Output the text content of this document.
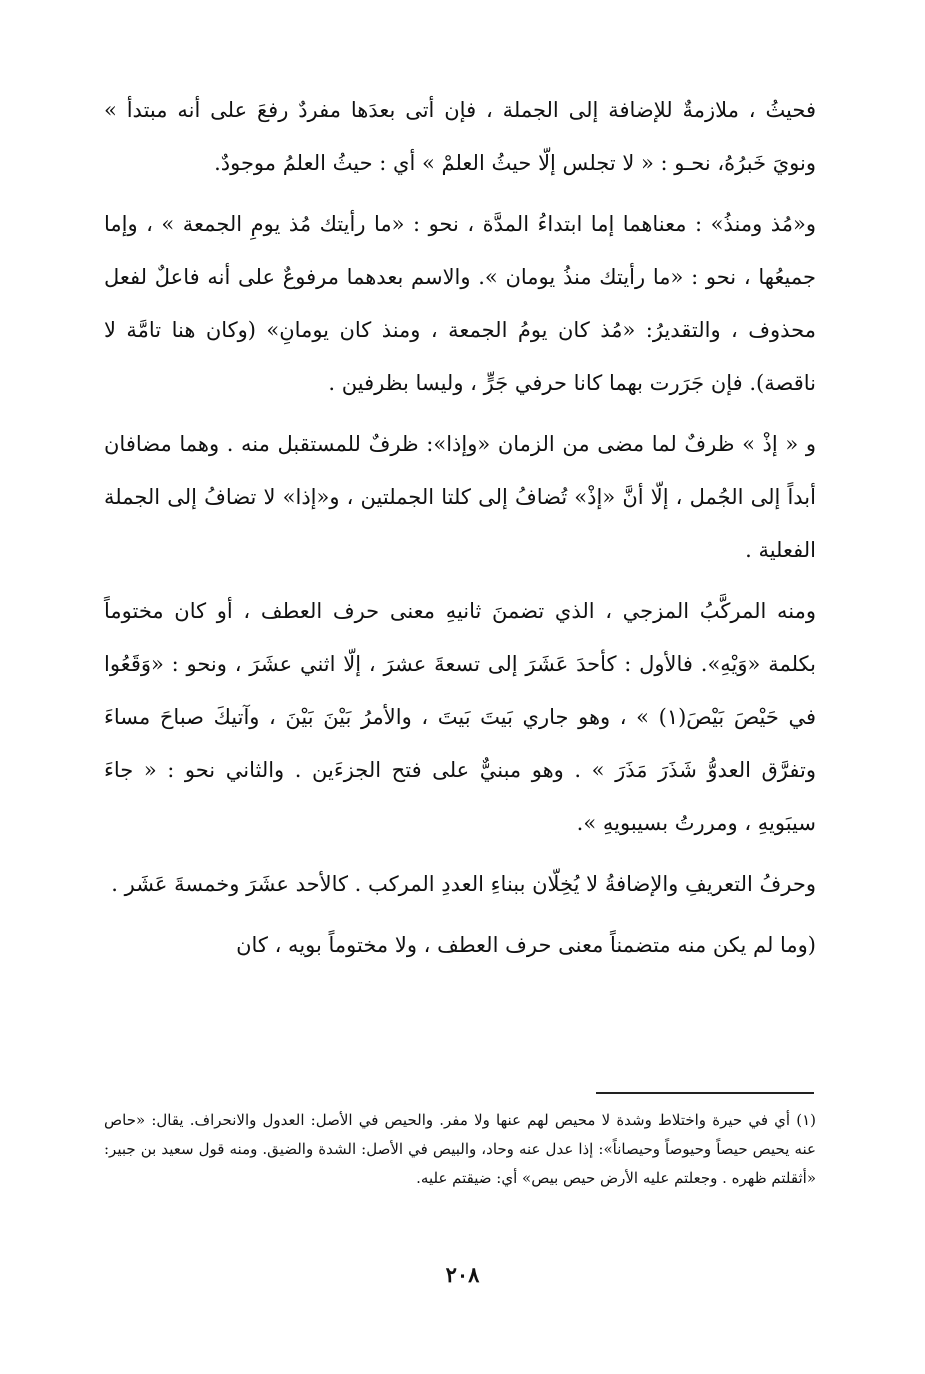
فحيثُ ، ملازمةٌ للإضافة إلى الجملة ، فإن أتى بعدَها مفردٌ رفعَ على أنه مبتدأ » ونويَ خَبرُهُ، نحـو : « لا تجلس إلّا حيثُ العلمْ » أي : حيثُ العلمُ موجودٌ.

و«مُذ ومنذُ» : معناهما إما ابتداءُ المدَّة ، نحو : «ما رأيتك مُذ يومِ الجمعة » ، وإما جميعُها ، نحو : «ما رأيتك منذُ يومان ». والاسم بعدهما مرفوعٌ على أنه فاعلٌ لفعل محذوف ، والتقديرُ: «مُذ كان يومُ الجمعة ، ومنذ كان يومانِ» (وكان هنا تامَّة لا ناقصة). فإن جَرَرت بهما كانا حرفي جَرٍّ ، وليسا بظرفين .

و « إذْ » ظرفٌ لما مضى من الزمان «وإذا»: ظرفٌ للمستقبل منه . وهما مضافان أبداً إلى الجُمل ، إلّا أنَّ «إذْ» تُضافُ إلى كلتا الجملتين ، و«إذا» لا تضافُ إلى الجملة الفعلية .

ومنه المركَّبُ المزجي ، الذي تضمنَ ثانيهِ معنى حرف العطف ، أو كان مختوماً بكلمة «وَيْهِ». فالأول : كأحدَ عَشَرَ إلى تسعةَ عشرَ ، إلّا اثني عشَرَ ، ونحو : «وَقَعُوا في حَيْصَ بَيْصَ(١) » ، وهو جاري بَيتَ بَيتَ ، والأمرُ بَيْنَ بَيْنَ ، وآتيكَ صباحَ مساءَ وتفرَّق العدوُّ شَذَرَ مَذَرَ » . وهو مبنيٌّ على فتح الجزءَين . والثاني نحو : « جاءَ سيبَويهِ ، ومررتُ بسيبويهِ ».

وحرفُ التعريفِ والإضافةُ لا يُخِلّان ببناءِ العددِ المركب . كالأحد عشَرَ وخمسةَ عَشَر .

(وما لم يكن منه متضمناً معنى حرف العطف ، ولا مختوماً بويه ، كان

(١) أي في حيرة واختلاط وشدة لا محيص لهم عنها ولا مفر. والحيص في الأصل: العدول والانحراف. يقال: «حاص عنه يحيص حيصاً وحيوصاً وحيصاناً»: إذا عدل عنه وحاد، والبيص في الأصل: الشدة والضيق. ومنه قول سعيد بن جبير: «أثقلتم ظهره . وجعلتم عليه الأرض حيص بيص» أي: ضيقتم عليه.

٢٠٨
